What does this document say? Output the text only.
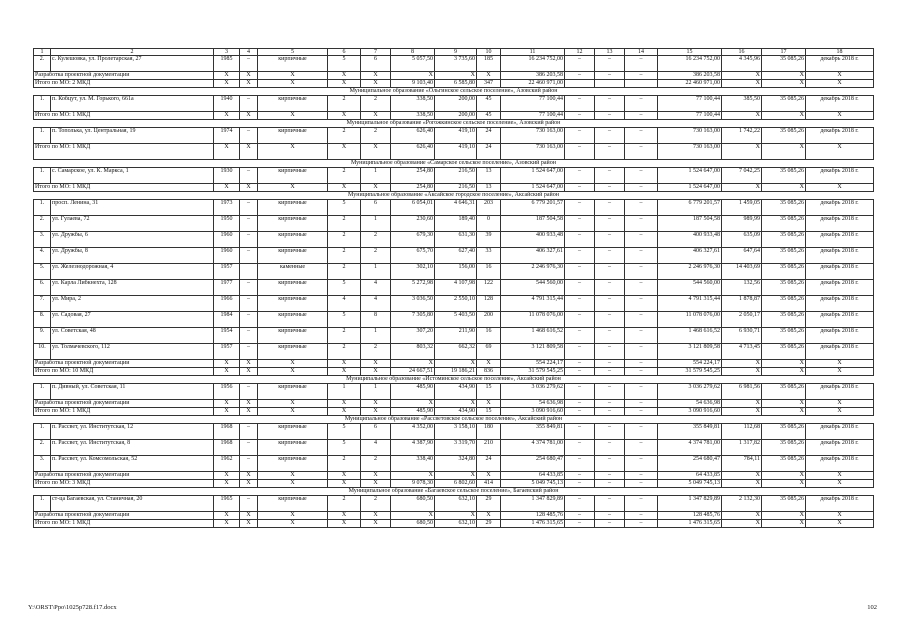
1	2	3	4	5	6	7	8	9	10	11	12	13	14	15	16	17	18
2.	с. Кулешовка, ул. Пролетарская, 27	1985	–	кирпичные	5	6	5 057,50	3 735,60	185	16 234 752,00	–	–	–	16 234 752,00	4 345,96	35 085,26	декабрь 2018 г.
Разработка проектной документации		Х	Х	Х	Х	Х	Х	Х	Х	386 203,58	–	–	–	386 203,58	Х	Х	Х
Итого по МО: 2 МКД		Х	Х	Х	Х	Х	9 103,40	6 585,80	347	22 460 971,00				22 460 971,00	Х	Х	Х
Муниципальное образование «Ольгинское сельское поселение», Азовский район																	
1.	п. Кобцут, ул. М. Горького, 661а	1940	–	кирпичные	2	2	338,50	200,00	45	77 100,44	–	–	–	77 100,44	385,50	35 085,26	декабрь 2018 г.
Итого по МО: 1 МКД		Х	Х	Х	Х	Х	338,50	200,00	45	77 100,44	–	–	–	77 100,44	Х	Х	Х
Муниципальное образование «Рогожкинское сельское поселение», Азовский район																	
1.	п. Тополька, ул. Центральная, 19	1974	–	кирпичные	2	2	626,40	419,10	24	730 163,00	–	–	–	730 163,00	1 742,22	35 085,26	декабрь 2018 г.
Итого по МО: 1 МКД		Х	Х	Х	Х	Х	626,40	419,10	24	730 163,00	–	–	–	730 163,00	Х	Х	Х
Муниципальное образование «Самарское сельское поселение», Азовский район																	
1.	с. Самарское, ул. К. Маркса, 1	1930	–	кирпичные	2	1	254,80	216,50	13	1 524 647,00	–	–	–	1 524 647,00	7 042,25	35 085,26	декабрь 2018 г.
Итого по МО: 1 МКД		Х	Х	Х	Х	Х	254,80	216,50	13	1 524 647,00	–	–	–	1 524 647,00	Х	Х	Х
Муниципальное образование «Аксайское городское поселение», Аксайский район																	
1.	просп. Ленина, 31	1973	–	кирпичные	5	6	6 054,01	4 646,31	203	6 779 201,57	–	–	–	6 779 201,57	1 459,05	35 085,26	декабрь 2018 г.
2.	ул. Гулаева, 72	1950	–	кирпичные	2	1	230,60	189,40	0	187 504,58	–	–	–	187 504,58	989,99	35 085,26	декабрь 2018 г.
3.	ул. Дружбы, 6	1960	–	кирпичные	2	2	679,30	631,30	39	400 933,48	–	–	–	400 933,48	635,09	35 085,26	декабрь 2018 г.
4.	ул. Дружбы, 8	1960	–	кирпичные	2	2	675,70	627,40	33	406 327,61	–	–	–	406 327,61	647,64	35 085,26	декабрь 2018 г.
5.	ул. Железнодорожная, 4	1957		каменные	2	1	302,10	156,00	16	2 246 976,30	–	–	–	2 246 976,30	14 403,69	35 085,26	декабрь 2018 г.
6.	ул. Карла Либкнехта, 128	1977	–	кирпичные	5	4	5 272,98	4 107,98	122	544 560,00	–	–	–	544 560,00	132,56	35 085,26	декабрь 2018 г.
7.	ул. Мира, 2	1966	–	кирпичные	4	4	3 036,50	2 550,10	128	4 791 315,44	–	–	–	4 791 315,44	1 878,87	35 085,26	декабрь 2018 г.
8.	ул. Садовая, 27	1984	–	кирпичные	5	8	7 305,80	5 403,50	200	11 078 076,00	–	–	–	11 078 076,00	2 050,17	35 085,26	декабрь 2018 г.
9.	ул. Советская, 48	1954	–	кирпичные	2	1	307,20	211,90	16	1 468 616,52	–	–	–	1 468 616,52	6 930,71	35 085,26	декабрь 2018 г.
10.	ул. Толмачевского, 112	1957	–	кирпичные	2	2	803,32	662,32	69	3 121 809,58	–	–	–	3 121 809,58	4 713,45	35 085,26	декабрь 2018 г.
Разработка проектной документации		Х	Х	Х	Х	Х	Х	Х	Х	554 224,17	–	–	–	554 224,17	Х	Х	Х
Итого по МО: 10 МКД		Х	Х	Х	Х	Х	24 667,51	19 186,21	836	31 579 545,25	–	–	–	31 579 545,25	Х	Х	Х
Муниципальное образование «Истоминское сельское поселение», Аксайский район																	
1.	п. Дивный, ул. Советская, 11	1956	–	кирпичные	1	1	485,90	434,90	15	3 036 279,62	–	–	–	3 036 279,62	6 981,56	35 085,26	декабрь 2018 г.
Разработка проектной документации		Х	Х	Х	Х	Х	Х	Х	Х	54 636,98	–	–	–	54 636,98	Х	Х	Х
Итого по МО: 1 МКД		Х	Х	Х	Х	Х	485,90	434,90	15	3 090 916,60	–	–	–	3 090 916,60	Х	Х	Х
Муниципальное образование «Рассветовское сельское поселение», Аксайский район																	
1.	п. Рассвет, ул. Институтская, 12	1968	–	кирпичные	5	6	4 352,00	3 158,10	180	355 849,81	–	–	–	355 849,81	112,68	35 085,26	декабрь 2018 г.
2.	п. Рассвет, ул. Институтская, 8	1968	–	кирпичные	5	4	4 387,90	3 319,70	210	4 374 781,00	–	–	–	4 374 781,00	1 317,82	35 085,26	декабрь 2018 г.
3.	п. Рассвет, ул. Комсомольская, 52	1962	–	кирпичные	2	2	338,40	324,80	24	254 680,47	–	–	–	254 680,47	784,11	35 085,26	декабрь 2018 г.
Разработка проектной документации		Х	Х	Х	Х	Х	Х	Х	Х	64 433,85	–	–	–	64 433,85	Х	Х	Х
Итого по МО: 3 МКД		Х	Х	Х	Х	Х	9 078,30	6 802,60	414	5 049 745,13	–	–	–	5 049 745,13	Х	Х	Х
Муниципальное образование «Багаевское сельское поселение», Багаевский район																	
1.	ст-ца Багаевская, ул. Станичная, 20	1965	–	кирпичные	2	2	680,50	632,10	29	1 347 829,89	–	–	–	1 347 829,89	2 132,30	35 085,26	декабрь 2018 г.
Разработка проектной документации		Х	Х	Х	Х	Х	Х	Х	Х	128 485,76	–	–	–	128 485,76	Х	Х	Х
Итого по МО: 1 МКД		Х	Х	Х	Х	Х	680,50	632,10	29	1 476 315,65	–	–	–	1 476 315,65	Х	Х	Х
Y:\ORST\Ppo\1025p728.f17.docx	102
